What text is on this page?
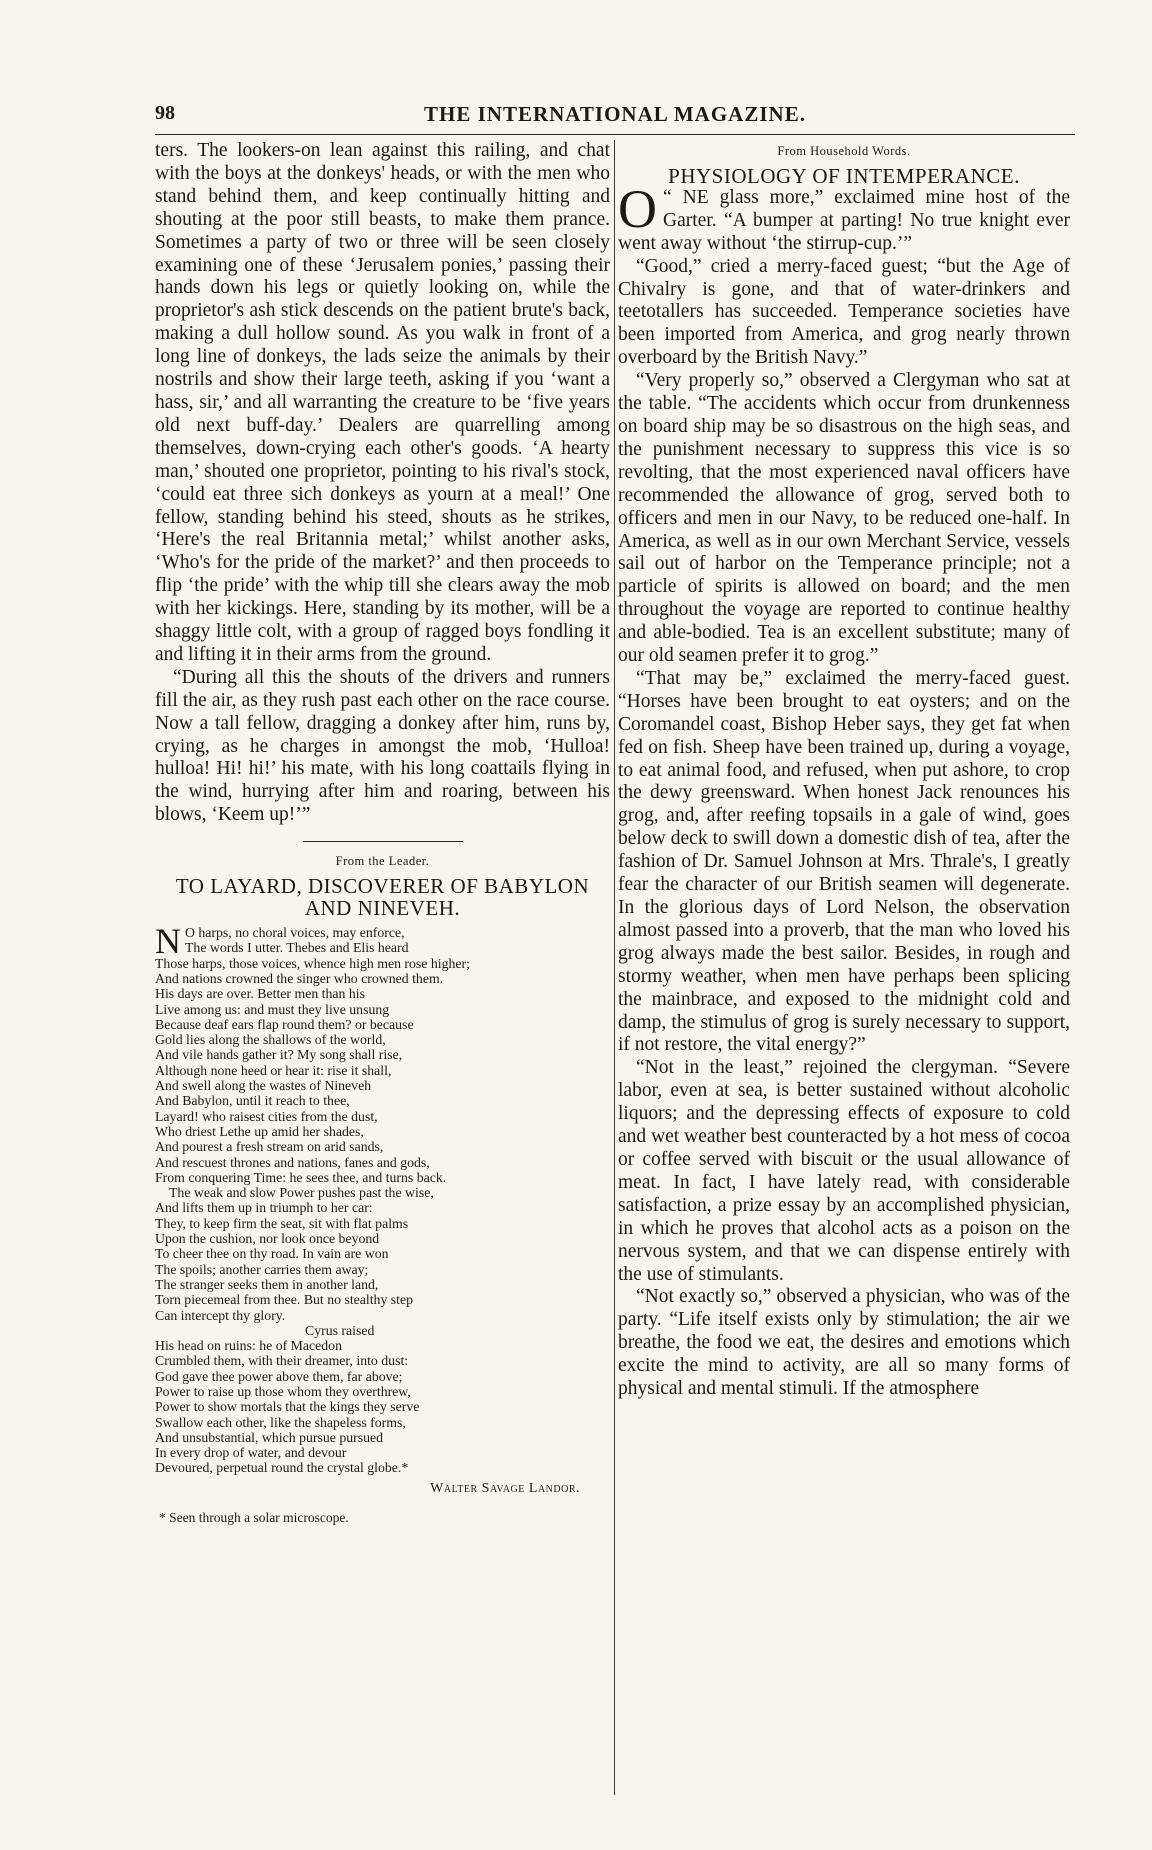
98	THE INTERNATIONAL MAGAZINE.

ters. The lookers-on lean against this railing, and chat with the boys at the donkeys' heads, or with the men who stand behind them, and keep continually hitting and shouting at the poor still beasts, to make them prance. Sometimes a party of two or three will be seen closely examining one of these ‘Jerusalem ponies,’ passing their hands down his legs or quietly looking on, while the proprietor's ash stick descends on the patient brute's back, making a dull hollow sound. As you walk in front of a long line of donkeys, the lads seize the animals by their nostrils and show their large teeth, asking if you ‘want a hass, sir,’ and all warranting the creature to be ‘five years old next buff-day.’ Dealers are quarrelling among themselves, down-crying each other's goods. ‘A hearty man,’ shouted one proprietor, pointing to his rival's stock, ‘could eat three sich donkeys as yourn at a meal!’ One fellow, standing behind his steed, shouts as he strikes, ‘Here's the real Britannia metal;’ whilst another asks, ‘Who's for the pride of the market?’ and then proceeds to flip ‘the pride’ with the whip till she clears away the mob with her kickings. Here, standing by its mother, will be a shaggy little colt, with a group of ragged boys fondling it and lifting it in their arms from the ground.

“During all this the shouts of the drivers and runners fill the air, as they rush past each other on the race course. Now a tall fellow, dragging a donkey after him, runs by, crying, as he charges in amongst the mob, ‘Hulloa! hulloa! Hi! hi!’ his mate, with his long coattails flying in the wind, hurrying after him and roaring, between his blows, ‘Keem up!’”

From the Leader.
TO LAYARD, DISCOVERER OF BABYLON AND NINEVEH.
N O harps, no choral voices, may enforce,
The words I utter. Thebes and Elis heard
Those harps, those voices, whence high men rose higher;
And nations crowned the singer who crowned them.
His days are over. Better men than his
Live among us: and must they live unsung
Because deaf ears flap round them? or because
Gold lies along the shallows of the world,
And vile hands gather it? My song shall rise,
Although none heed or hear it: rise it shall,
And swell along the wastes of Nineveh
And Babylon, until it reach to thee,
Layard! who raisest cities from the dust,
Who driest Lethe up amid her shades,
And pourest a fresh stream on arid sands,
And rescuest thrones and nations, fanes and gods,
From conquering Time: he sees thee, and turns back.
The weak and slow Power pushes past the wise,
And lifts them up in triumph to her car:
They, to keep firm the seat, sit with flat palms
Upon the cushion, nor look once beyond
To cheer thee on thy road. In vain are won
The spoils; another carries them away;
The stranger seeks them in another land,
Torn piecemeal from thee. But no stealthy step
Can intercept thy glory.
Cyrus raised
His head on ruins: he of Macedon
Crumbled them, with their dreamer, into dust:
God gave thee power above them, far above;
Power to raise up those whom they overthrew,
Power to show mortals that the kings they serve
Swallow each other, like the shapeless forms,
And unsubstantial, which pursue pursued
In every drop of water, and devour
Devoured, perpetual round the crystal globe.*
Walter Savage Landor.
* Seen through a solar microscope.
From Household Words.
PHYSIOLOGY OF INTEMPERANCE.

O “ NE glass more,” exclaimed mine host of the Garter. “A bumper at parting! No true knight ever went away without ‘the stirrup-cup.’”

“Good,” cried a merry-faced guest; “but the Age of Chivalry is gone, and that of water-drinkers and teetotallers has succeeded. Temperance societies have been imported from America, and grog nearly thrown overboard by the British Navy.”

“Very properly so,” observed a Clergyman who sat at the table. “The accidents which occur from drunkenness on board ship may be so disastrous on the high seas, and the punishment necessary to suppress this vice is so revolting, that the most experienced naval officers have recommended the allowance of grog, served both to officers and men in our Navy, to be reduced one-half. In America, as well as in our own Merchant Service, vessels sail out of harbor on the Temperance principle; not a particle of spirits is allowed on board; and the men throughout the voyage are reported to continue healthy and able-bodied. Tea is an excellent substitute; many of our old seamen prefer it to grog.”

“That may be,” exclaimed the merry-faced guest. “Horses have been brought to eat oysters; and on the Coromandel coast, Bishop Heber says, they get fat when fed on fish. Sheep have been trained up, during a voyage, to eat animal food, and refused, when put ashore, to crop the dewy greensward. When honest Jack renounces his grog, and, after reefing topsails in a gale of wind, goes below deck to swill down a domestic dish of tea, after the fashion of Dr. Samuel Johnson at Mrs. Thrale's, I greatly fear the character of our British seamen will degenerate. In the glorious days of Lord Nelson, the observation almost passed into a proverb, that the man who loved his grog always made the best sailor. Besides, in rough and stormy weather, when men have perhaps been splicing the mainbrace, and exposed to the midnight cold and damp, the stimulus of grog is surely necessary to support, if not restore, the vital energy?”

“Not in the least,” rejoined the clergyman. “Severe labor, even at sea, is better sustained without alcoholic liquors; and the depressing effects of exposure to cold and wet weather best counteracted by a hot mess of cocoa or coffee served with biscuit or the usual allowance of meat. In fact, I have lately read, with considerable satisfaction, a prize essay by an accomplished physician, in which he proves that alcohol acts as a poison on the nervous system, and that we can dispense entirely with the use of stimulants.

“Not exactly so,” observed a physician, who was of the party. “Life itself exists only by stimulation; the air we breathe, the food we eat, the desires and emotions which excite the mind to activity, are all so many forms of physical and mental stimuli. If the atmosphere
